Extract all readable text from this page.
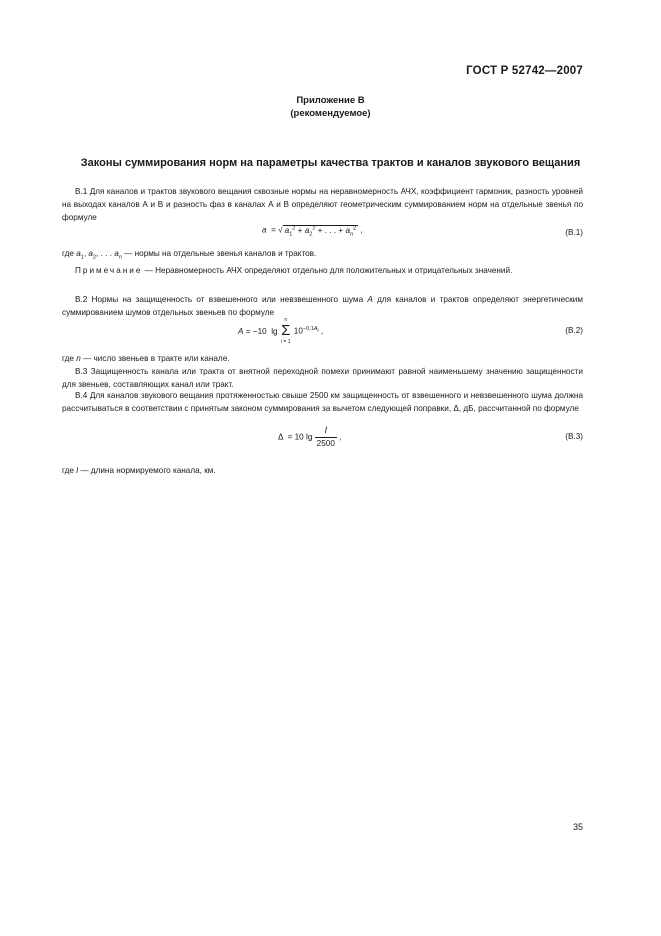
ГОСТ Р 52742—2007
Приложение В
(рекомендуемое)
Законы суммирования норм на параметры качества трактов и каналов звукового вещания
В.1 Для каналов и трактов звукового вещания сквозные нормы на неравномерность АЧХ, коэффициент гармоник, разность уровней на выходах каналов А и В и разность фаз в каналах А и В определяют геометрическим суммированием норм на отдельные звенья по формуле
a  = √ $a_1^2 + a_2^2$ + . . . + $a_n^2$ ,	(В.1)
где $a_1$, $a_2$, . . . $a_n$ — нормы на отдельные звенья каналов и трактов.
Примечание — Неравномерность АЧХ определяют отдельно для положительных и отрицательных значений.
В.2 Нормы на защищенность от взвешенного или невзвешенного шума A для каналов и трактов определяют энергетическим суммированием шумов отдельных звеньев по формуле
A = −10  lg
n
Σ
i = 1
$10^{-0,1A_i}$ ,	(В.2)
где n — число звеньев в тракте или канале.
В.3 Защищенность канала или тракта от внятной переходной помехи принимают равной наименьшему значению защищенности для звеньев, составляющих канал или тракт.
В.4 Для каналов звукового вещания протяженностью свыше 2500 км защищенность от взвешенного и невзвешенного шума должна рассчитываться в соответствии с принятым законом суммирования за вычетом следующей поправки, Δ, дБ, рассчитанной по формуле
Δ  = 10 $\lg \frac{l}{2500}$ ,	(В.3)
где l — длина нормируемого канала, км.
35
